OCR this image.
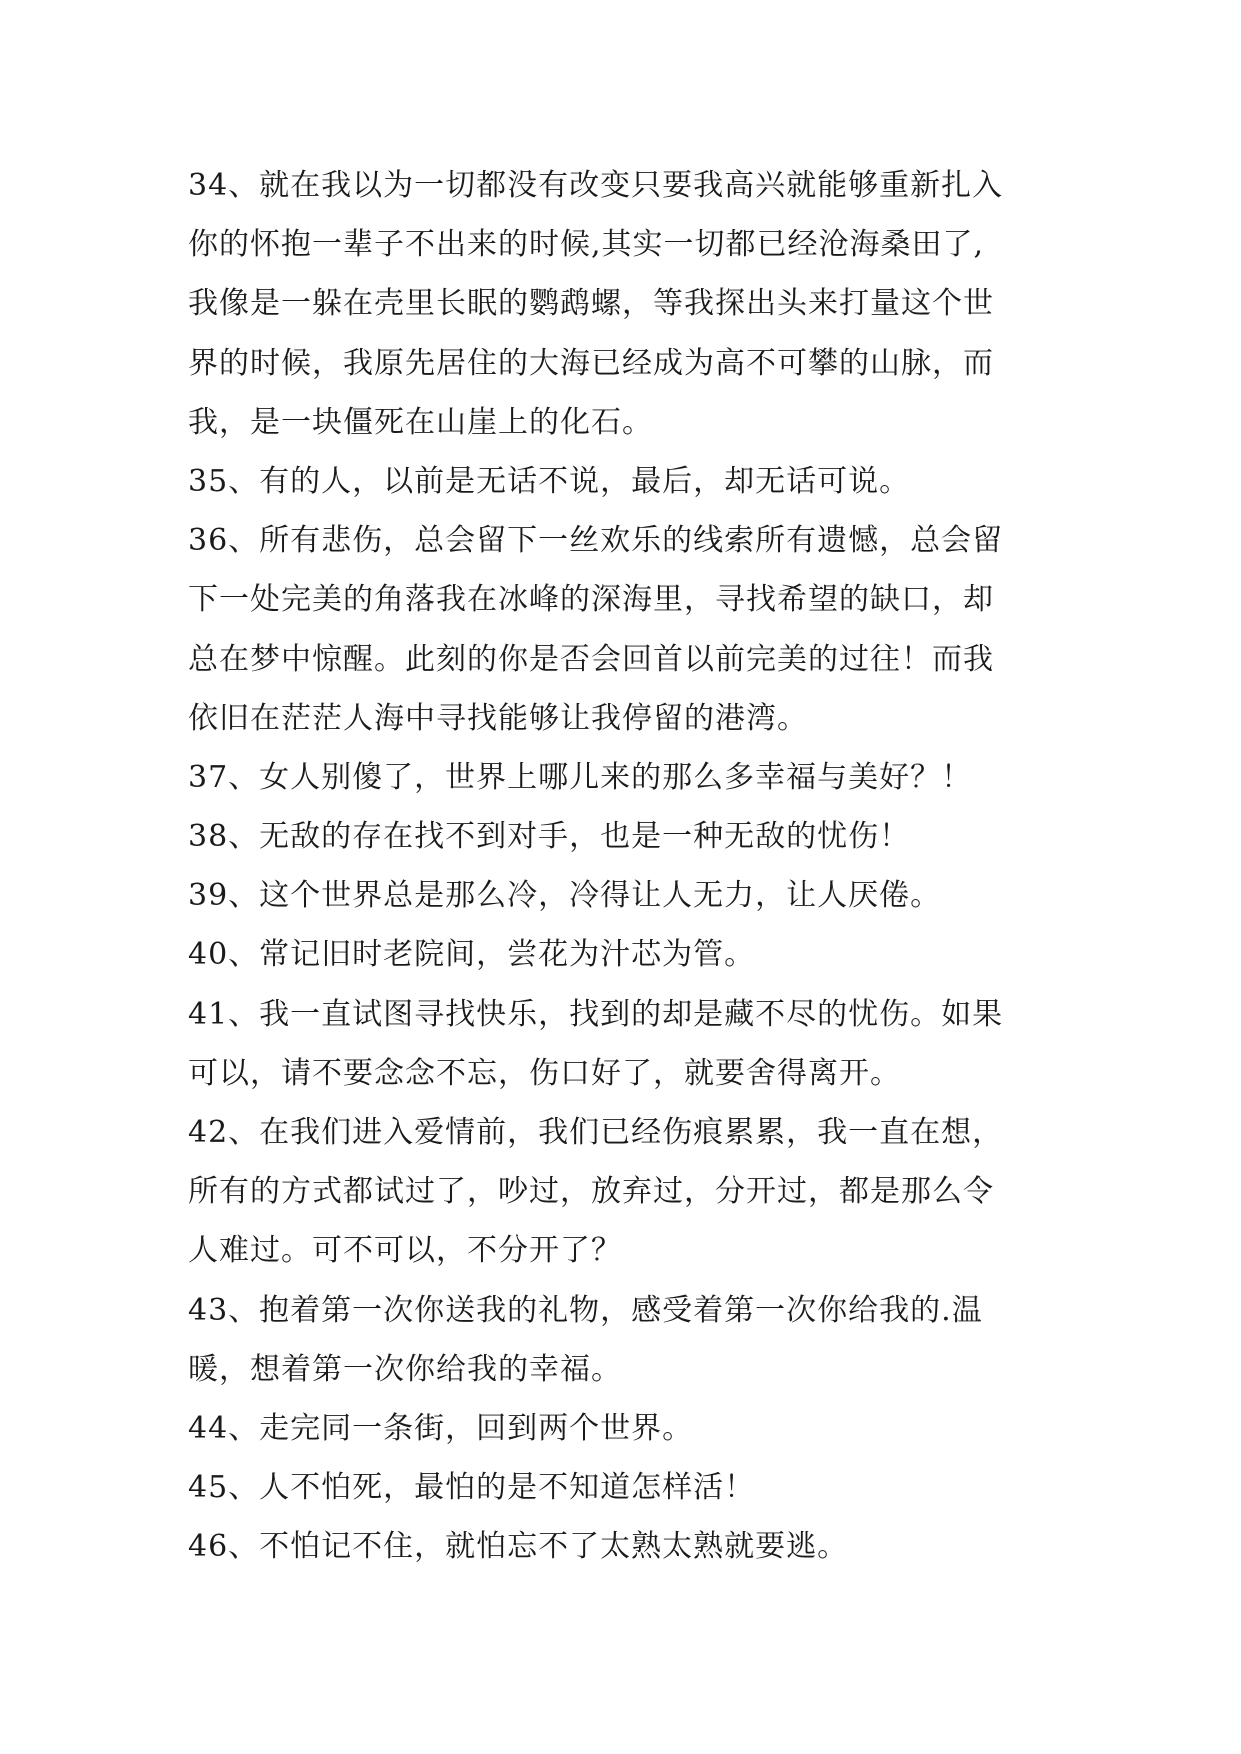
34、就在我以为一切都没有改变只要我高兴就能够重新扎入
你的怀抱一辈子不出来的时候,其实一切都已经沧海桑田了,
我像是一躲在壳里长眠的鹦鹉螺，等我探出头来打量这个世
界的时候，我原先居住的大海已经成为高不可攀的山脉，而
我，是一块僵死在山崖上的化石。
35、有的人，以前是无话不说，最后，却无话可说。
36、所有悲伤，总会留下一丝欢乐的线索所有遗憾，总会留
下一处完美的角落我在冰峰的深海里，寻找希望的缺口，却
总在梦中惊醒。此刻的你是否会回首以前完美的过往！而我
依旧在茫茫人海中寻找能够让我停留的港湾。
37、女人别傻了，世界上哪儿来的那么多幸福与美好？！
38、无敌的存在找不到对手，也是一种无敌的忧伤！
39、这个世界总是那么冷，冷得让人无力，让人厌倦。
40、常记旧时老院间，尝花为汁芯为管。
41、我一直试图寻找快乐，找到的却是藏不尽的忧伤。如果
可以，请不要念念不忘，伤口好了，就要舍得离开。
42、在我们进入爱情前，我们已经伤痕累累，我一直在想，
所有的方式都试过了，吵过，放弃过，分开过，都是那么令
人难过。可不可以，不分开了？
43、抱着第一次你送我的礼物，感受着第一次你给我的.温
暖，想着第一次你给我的幸福。
44、走完同一条街，回到两个世界。
45、人不怕死，最怕的是不知道怎样活！
46、不怕记不住，就怕忘不了太熟太熟就要逃。
